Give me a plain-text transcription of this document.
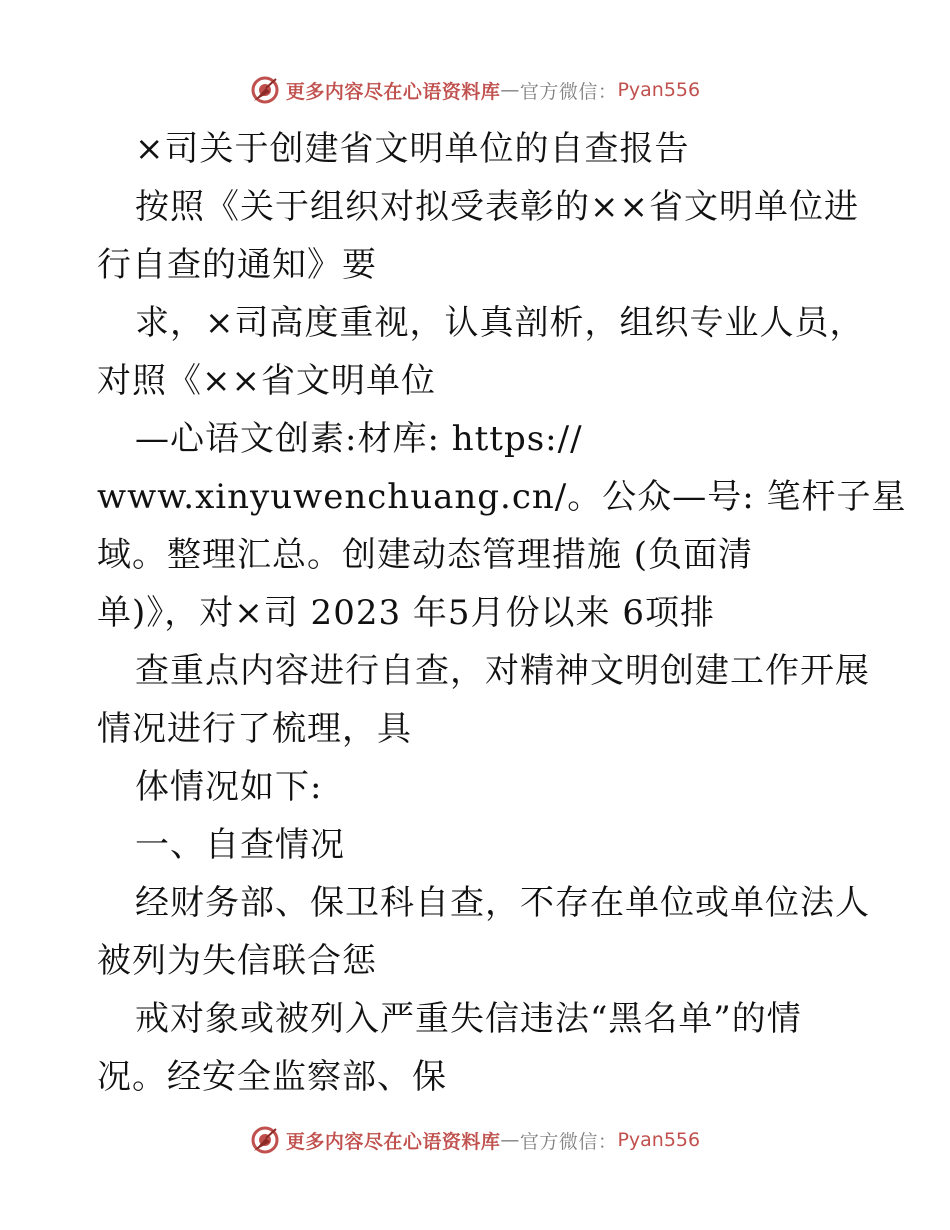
更多内容尽在心语资料库 — 官方微信： Pyan556
×司关于创建省文明单位的自查报告
按照《关于组织对拟受表彰的××省文明单位进
行自查的通知》要
求，×司高度重视，认真剖析，组织专业人员，
对照《××省文明单位
—心语文创素:材库: https://
www.xinyuwenchuang.cn/。公众—号: 笔杆子星
域。整理汇总。创建动态管理措施 (负面清
单)》，对×司 2023 年5月份以来 6项排
查重点内容进行自查，对精神文明创建工作开展
情况进行了梳理，具
体情况如下:
一、自查情况
经财务部、保卫科自查，不存在单位或单位法人
被列为失信联合惩
戒对象或被列入严重失信违法“黑名单”的情
况。经安全监察部、保
更多内容尽在心语资料库 — 官方微信： Pyan556
